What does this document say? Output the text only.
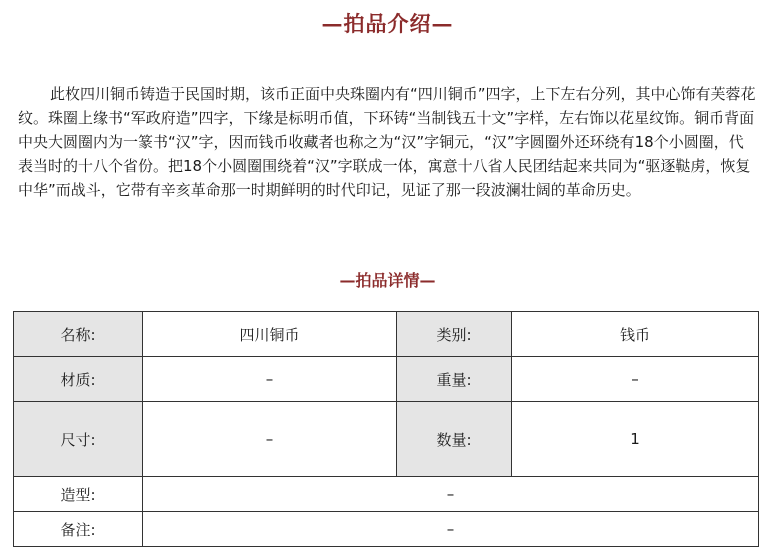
—拍品介绍—

此枚四川铜币铸造于民国时期，该币正面中央珠圈内有“四川铜币”四字，上下左右分列，其中心饰有芙蓉花纹。珠圈上缘书“军政府造”四字，下缘是标明币值，下环铸“当制钱五十文”字样，左右饰以花星纹饰。铜币背面中央大圆圈内为一篆书“汉”字，因而钱币收藏者也称之为“汉”字铜元，“汉”字圆圈外还环绕有18个小圆圈，代表当时的十八个省份。把18个小圆圈围绕着“汉”字联成一体，寓意十八省人民团结起来共同为“驱逐鞑虏，恢复中华”而战斗，它带有辛亥革命那一时期鲜明的时代印记，见证了那一段波澜壮阔的革命历史。

—拍品详情—
名称:	四川铜币	类别:	钱币
材质:	–	重量:	–
尺寸:	–	数量:	1
造型:	–		
备注:	–		
